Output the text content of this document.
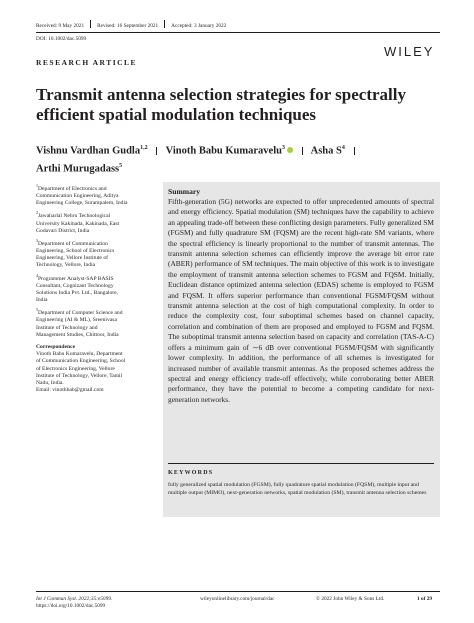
Received: 9 May 2021 Revised: 16 September 2021 Accepted: 3 January 2022
DOI: 10.1002/dac.5099
WILEY
RESEARCH ARTICLE
Transmit antenna selection strategies for spectrally efficient spatial modulation techniques
Vishnu Vardhan Gudla$^{1,2}$ Vinoth Babu Kumaravelu$^3$ Asha $S^4$
Arthi Murugadass$^5$
$^1$Department of Electronics and Communication Engineering, Aditya Engineering College, Surampalem, India
$^2$Jawaharlal Nehru Technological University Kakinada, Kakinada, East Godavari District, India
$^3$Department of Communication Engineering, School of Electronics Engineering, Vellore Institute of Technology, Vellore, India
$^4$Programmer Analyst-SAP BASIS Consultant, Cognizant Technology Solutions India Pvt. Ltd., Bangalore, India
$^5$Department of Computer Science and Engineering (AI & ML), Sreenivasa Institute of Technology and Management Studies, Chittoor, India
Correspondence
Vinoth Babu Kumaravelu, Department of Communication Engineering, School of Electronics Engineering, Vellore Institute of Technology, Vellore, Tamil Nadu, India.
Email: vinothbab@gmail.com
Summary
Fifth-generation (5G) networks are expected to offer unprecedented amounts of spectral and energy efficiency. Spatial modulation (SM) techniques have the capability to achieve an appealing trade-off between these conflicting design parameters. Fully generalized SM (FGSM) and fully quadrature SM (FQSM) are the recent high-rate SM variants, where the spectral efficiency is linearly proportional to the number of transmit antennas. The transmit antenna selection schemes can efficiently improve the average bit error rate (ABER) performance of SM techniques. The main objective of this work is to investigate the employment of transmit antenna selection schemes to FGSM and FQSM. Initially, Euclidean distance optimized antenna selection (EDAS) scheme is employed to FGSM and FQSM. It offers superior performance than conventional FGSM/FQSM without transmit antenna selection at the cost of high computational complexity. In order to reduce the complexity cost, four suboptimal schemes based on channel capacity, correlation and combination of them are proposed and employed to FGSM and FQSM. The suboptimal transmit antenna selection based on capacity and correlation (TAS-A-C) offers a minimum gain of ∼6 dB over conventional FGSM/FQSM with significantly lower complexity. In addition, the performance of all schemes is investigated for increased number of available transmit antennas. As the proposed schemes address the spectral and energy efficiency trade-off effectively, while corroborating better ABER performance, they have the potential to become a competing candidate for next-generation networks.
KEYWORDS
fully generalized spatial modulation (FGSM), fully quadrature spatial modulation (FQSM), multiple input and multiple output (MIMO), next-generation networks, spatial modulation (SM), transmit antenna selection schemes
Int J Commun Syst. 2022;35:e5099.
https://doi.org/10.1002/dac.5099
wileyonlinelibrary.com/journal/dac	© 2022 John Wiley & Sons Ltd.	1 of 29
